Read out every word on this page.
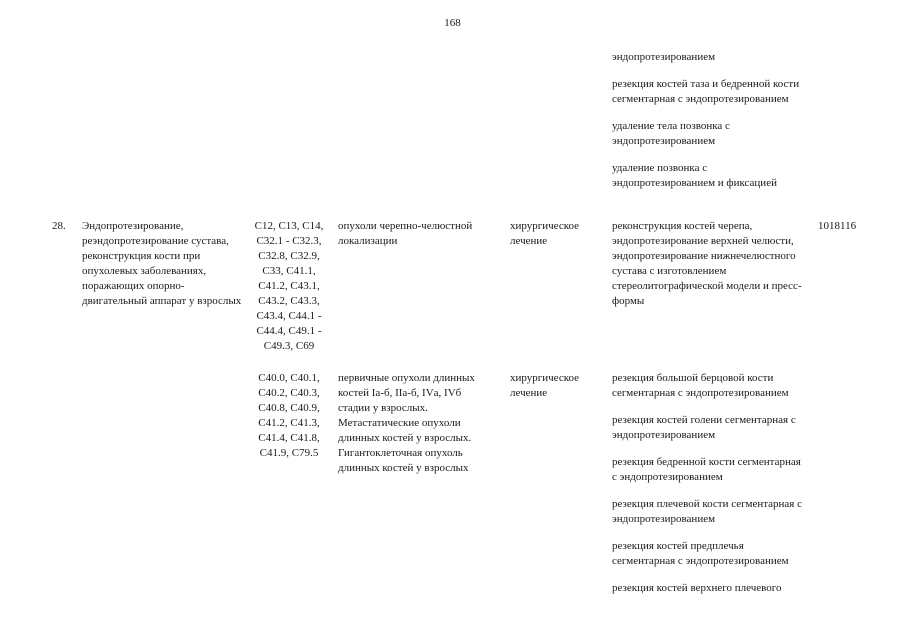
168

эндопротезированием

резекция костей таза и бедренной кости сегментарная с эндопротезированием

удаление тела позвонка с эндопротезированием

удаление позвонка с эндопротезированием и фиксацией

28.	Эндопротезирование, реэндопротезирование сустава, реконструкция кости при опухолевых заболеваниях, поражающих опорно-двигательный аппарат у взрослых
С12, С13, С14, С32.1 - С32.3, С32.8, С32.9, С33, С41.1, С41.2, С43.1, С43.2, С43.3, С43.4, С44.1 - С44.4, С49.1 - С49.3, С69
опухоли черепно-челюстной локализации
хирургическое лечение

реконструкция костей черепа, эндопротезирование верхней челюсти, эндопротезирование нижнечелюстного сустава с изготовлением стереолитографической модели и пресс-формы

1018116
С40.0, С40.1, С40.2, С40.3, С40.8, С40.9, С41.2, С41.3, С41.4, С41.8, С41.9, С79.5
первичные опухоли длинных костей Iа-б, IIа-б, IVа, IVб стадии у взрослых. Метастатические опухоли длинных костей у взрослых. Гигантоклеточная опухоль длинных костей у взрослых
хирургическое лечение

резекция большой берцовой кости сегментарная с эндопротезированием

резекция костей голени сегментарная с эндопротезированием

резекция бедренной кости сегментарная с эндопротезированием

резекция плечевой кости сегментарная с эндопротезированием

резекция костей предплечья сегментарная с эндопротезированием

резекция костей верхнего плечевого
